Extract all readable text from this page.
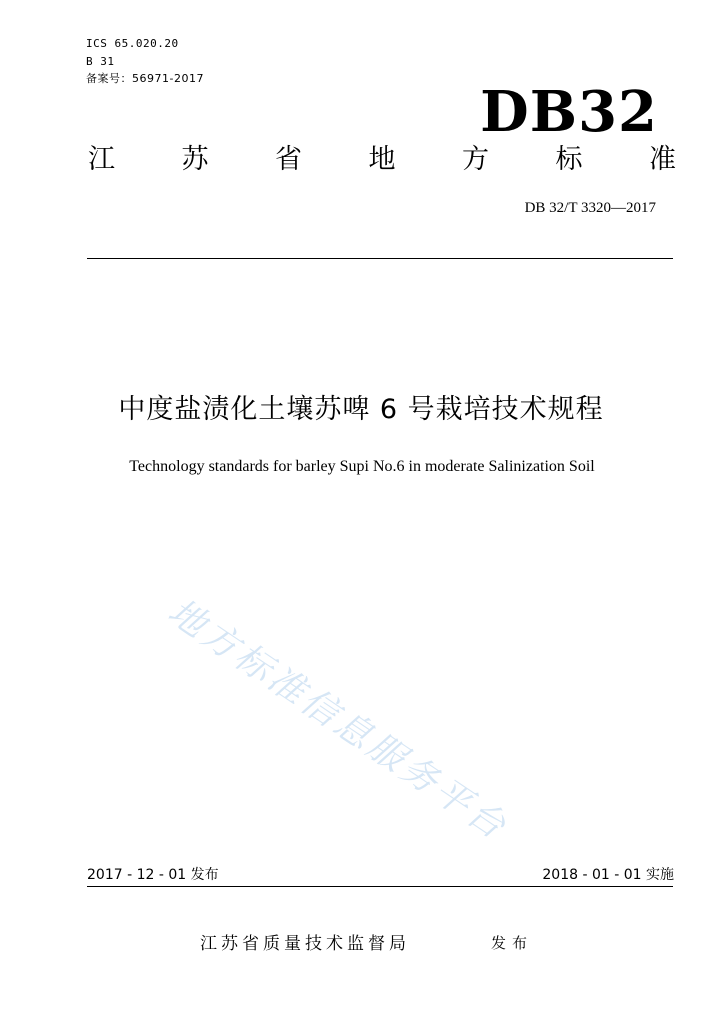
ICS 65.020.20
B 31
备案号：56971-2017
DB32
江 苏 省 地 方 标 准
DB 32/T 3320—2017
中度盐渍化土壤苏啤 6 号栽培技术规程
Technology standards for barley Supi No.6 in moderate Salinization Soil
地方标准信息服务平台
2017 - 12 - 01 发布	2018 - 01 - 01 实施
江苏省质量技术监督局	发布
